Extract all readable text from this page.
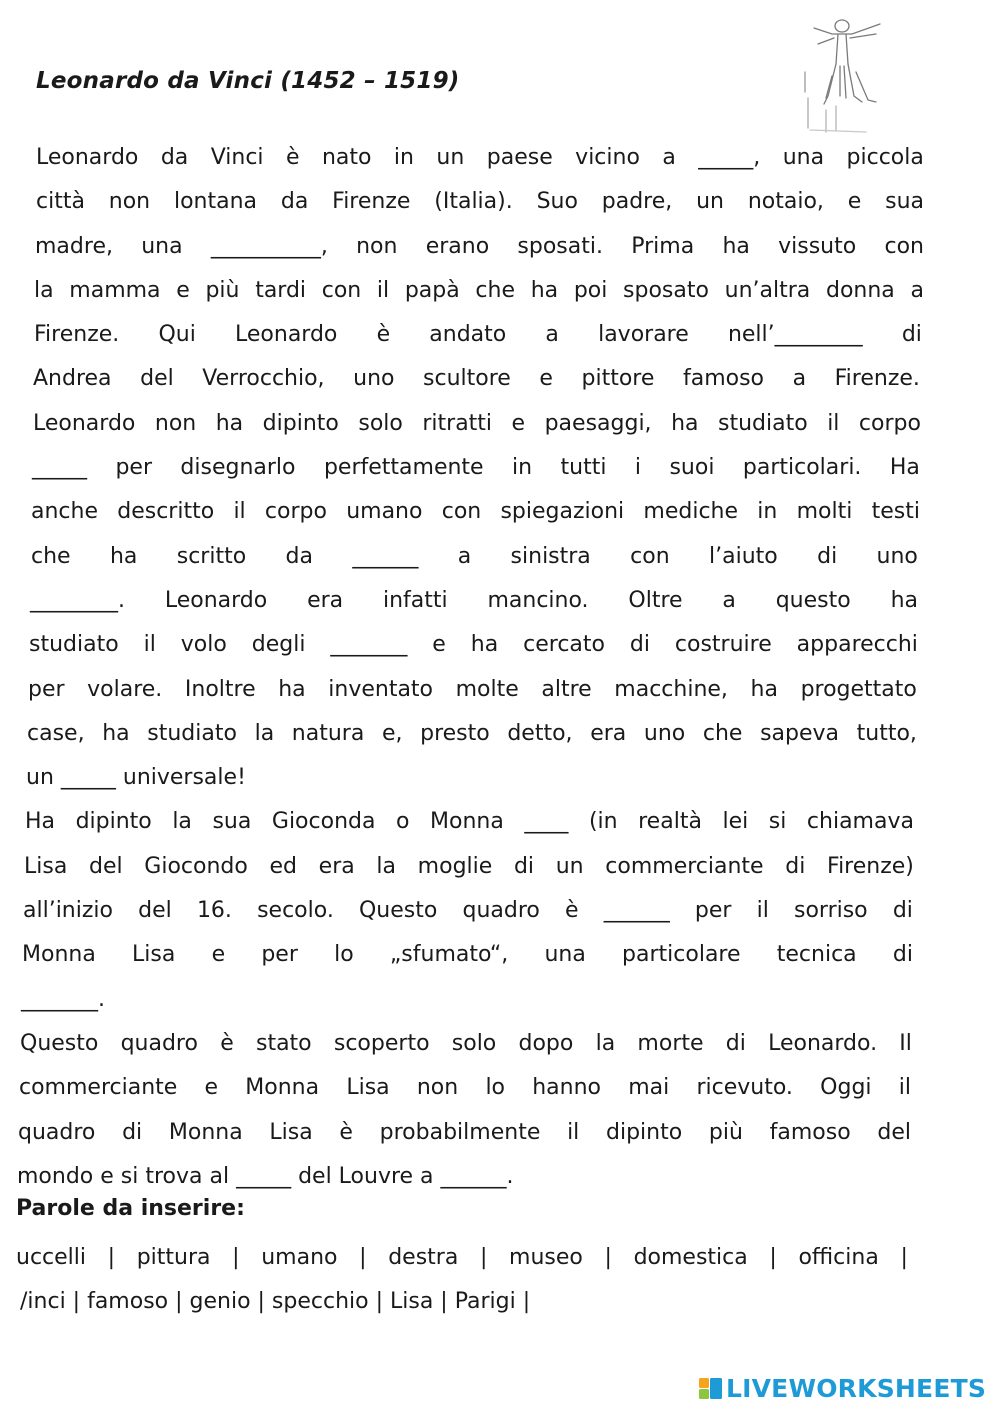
Leonardo da Vinci (1452 – 1519)
Leonardo da Vinci è nato in un paese vicino a _____, una piccola
città non lontana da Firenze (Italia). Suo padre, un notaio, e sua
madre, una __________, non erano sposati. Prima ha vissuto con
la mamma e più tardi con il papà che ha poi sposato un’altra donna a
Firenze. Qui Leonardo è andato a lavorare nell’________ di
Andrea del Verrocchio, uno scultore e pittore famoso a Firenze.
Leonardo non ha dipinto solo ritratti e paesaggi, ha studiato il corpo
_____ per disegnarlo perfettamente in tutti i suoi particolari. Ha
anche descritto il corpo umano con spiegazioni mediche in molti testi
che ha scritto da ______ a sinistra con l’aiuto di uno
________. Leonardo era infatti mancino. Oltre a questo ha
studiato il volo degli _______ e ha cercato di costruire apparecchi
per volare. Inoltre ha inventato molte altre macchine, ha progettato
case, ha studiato la natura e, presto detto, era uno che sapeva tutto,
un _____ universale!
Ha dipinto la sua Gioconda o Monna ____ (in realtà lei si chiamava
Lisa del Giocondo ed era la moglie di un commerciante di Firenze)
all’inizio del 16. secolo. Questo quadro è ______ per il sorriso di
Monna Lisa e per lo „sfumato“, una particolare tecnica di
_______.
Questo quadro è stato scoperto solo dopo la morte di Leonardo. Il
commerciante e Monna Lisa non lo hanno mai ricevuto. Oggi il
quadro di Monna Lisa è probabilmente il dipinto più famoso del
mondo e si trova al _____ del Louvre a ______.
Parole da inserire:
uccelli | pittura | umano | destra | museo | domestica | officina |
/inci | famoso | genio | specchio | Lisa | Parigi |
LIVEWORKSHEETS
